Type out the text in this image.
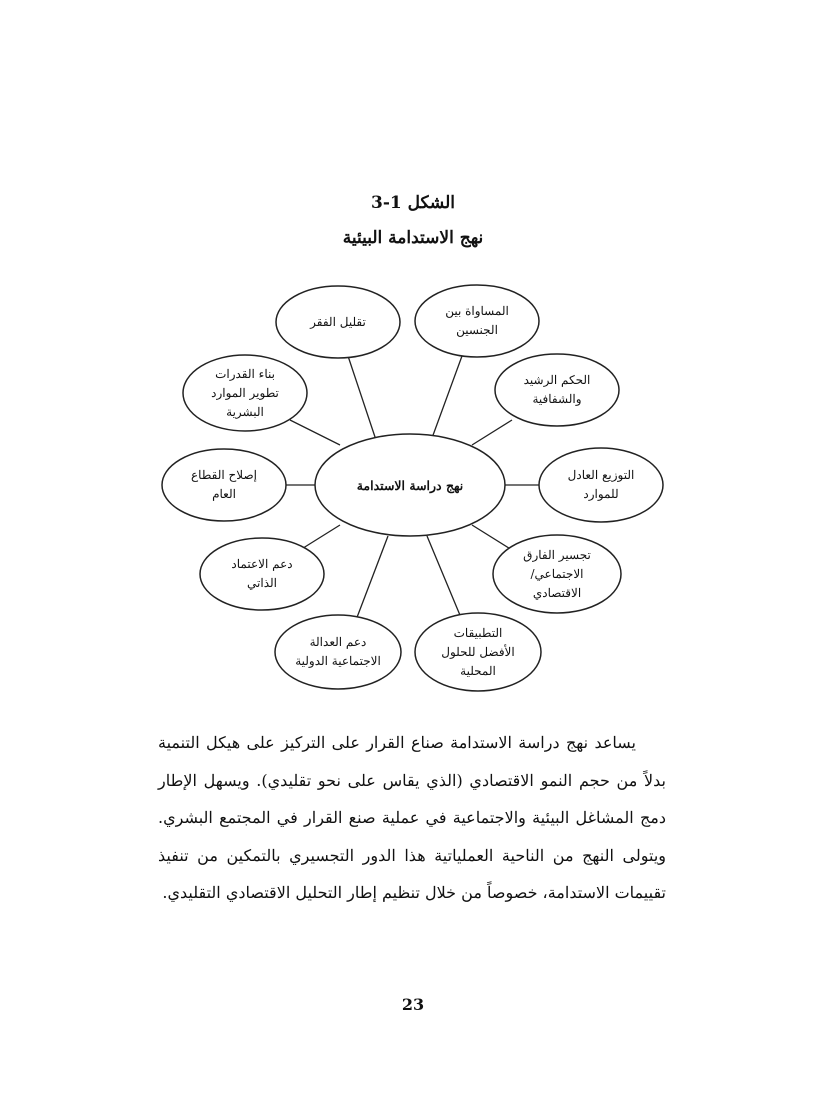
الشكل 1-3
نهج الاستدامة البيئية
نهج دراسة الاستدامة
تقليل الفقر
المساواة بين
الجنسين
الحكم الرشيد
والشفافية
التوزيع العادل
للموارد
تجسير الفارق
الاجتماعي/
الاقتصادي
التطبيقات
الأفضل للحلول
المحلية
دعم العدالة
الاجتماعية الدولية
دعم الاعتماد
الذاتي
إصلاح القطاع
العام
بناء القدرات
تطوير الموارد
البشرية

يساعد نهج دراسة الاستدامة صناع القرار على التركيز على هيكل التنمية بدلاً من حجم النمو الاقتصادي (الذي يقاس على نحو تقليدي). ويسهل الإطار دمج المشاغل البيئية والاجتماعية في عملية صنع القرار في المجتمع البشري. ويتولى النهج من الناحية العملياتية هذا الدور التجسيري بالتمكين من تنفيذ تقييمات الاستدامة، خصوصاً من خلال تنظيم إطار التحليل الاقتصادي التقليدي.

23
